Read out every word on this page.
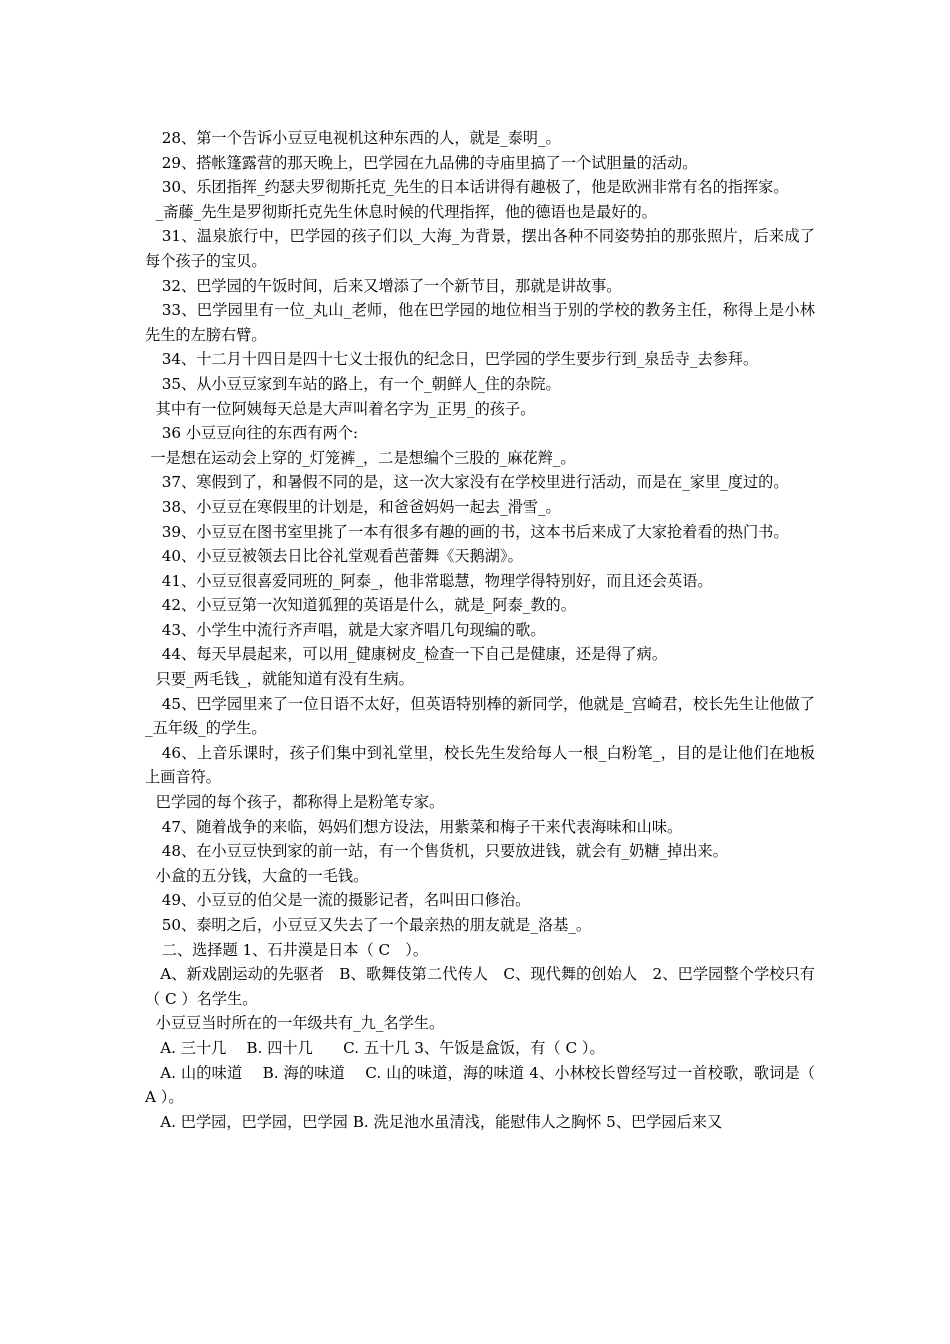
28、第一个告诉小豆豆电视机这种东西的人，就是_泰明_。

29、搭帐篷露营的那天晚上，巴学园在九品佛的寺庙里搞了一个试胆量的活动。

30、乐团指挥_约瑟夫罗彻斯托克_先生的日本话讲得有趣极了，他是欧洲非常有名的指挥家。

_斋藤_先生是罗彻斯托克先生休息时候的代理指挥，他的德语也是最好的。

31、温泉旅行中，巴学园的孩子们以_大海_为背景，摆出各种不同姿势拍的那张照片，后来成了每个孩子的宝贝。

32、巴学园的午饭时间，后来又增添了一个新节目，那就是讲故事。

33、巴学园里有一位_丸山_老师，他在巴学园的地位相当于别的学校的教务主任，称得上是小林先生的左膀右臂。

34、十二月十四日是四十七义士报仇的纪念日，巴学园的学生要步行到_泉岳寺_去参拜。

35、从小豆豆家到车站的路上，有一个_朝鲜人_住的杂院。

其中有一位阿姨每天总是大声叫着名字为_正男_的孩子。

36 小豆豆向往的东西有两个:

一是想在运动会上穿的_灯笼裤_，二是想编个三股的_麻花辫_。

37、寒假到了，和暑假不同的是，这一次大家没有在学校里进行活动，而是在_家里_度过的。

38、小豆豆在寒假里的计划是，和爸爸妈妈一起去_滑雪_。

39、小豆豆在图书室里挑了一本有很多有趣的画的书，这本书后来成了大家抢着看的热门书。

40、小豆豆被领去日比谷礼堂观看芭蕾舞《天鹅湖》。

41、小豆豆很喜爱同班的_阿泰_，他非常聪慧，物理学得特别好，而且还会英语。

42、小豆豆第一次知道狐狸的英语是什么，就是_阿泰_教的。

43、小学生中流行齐声唱，就是大家齐唱几句现编的歌。

44、每天早晨起来，可以用_健康树皮_检查一下自己是健康，还是得了病。

只要_两毛钱_，就能知道有没有生病。

45、巴学园里来了一位日语不太好，但英语特别棒的新同学，他就是_宫崎君，校长先生让他做了_五年级_的学生。

46、上音乐课时，孩子们集中到礼堂里，校长先生发给每人一根_白粉笔_，目的是让他们在地板上画音符。

巴学园的每个孩子，都称得上是粉笔专家。

47、随着战争的来临，妈妈们想方设法，用紫菜和梅子干来代表海味和山味。

48、在小豆豆快到家的前一站，有一个售货机，只要放进钱，就会有_奶糖_掉出来。

小盒的五分钱，大盒的一毛钱。

49、小豆豆的伯父是一流的摄影记者，名叫田口修治。

50、泰明之后，小豆豆又失去了一个最亲热的朋友就是_洛基_。

二、选择题 1、石井漠是日本（ C　）。

A、新戏剧运动的先驱者　B、歌舞伎第二代传人　C、现代舞的创始人　2、巴学园整个学校只有（ C ）名学生。

小豆豆当时所在的一年级共有_九_名学生。

A. 三十几　 B. 四十几　　C. 五十几 3、午饭是盒饭，有（ C ）。

A. 山的味道　 B. 海的味道　 C. 山的味道，海的味道 4、小林校长曾经写过一首校歌，歌词是（ A ）。

A. 巴学园，巴学园，巴学园 B. 洗足池水虽清浅，能慰伟人之胸怀 5、巴学园后来又
